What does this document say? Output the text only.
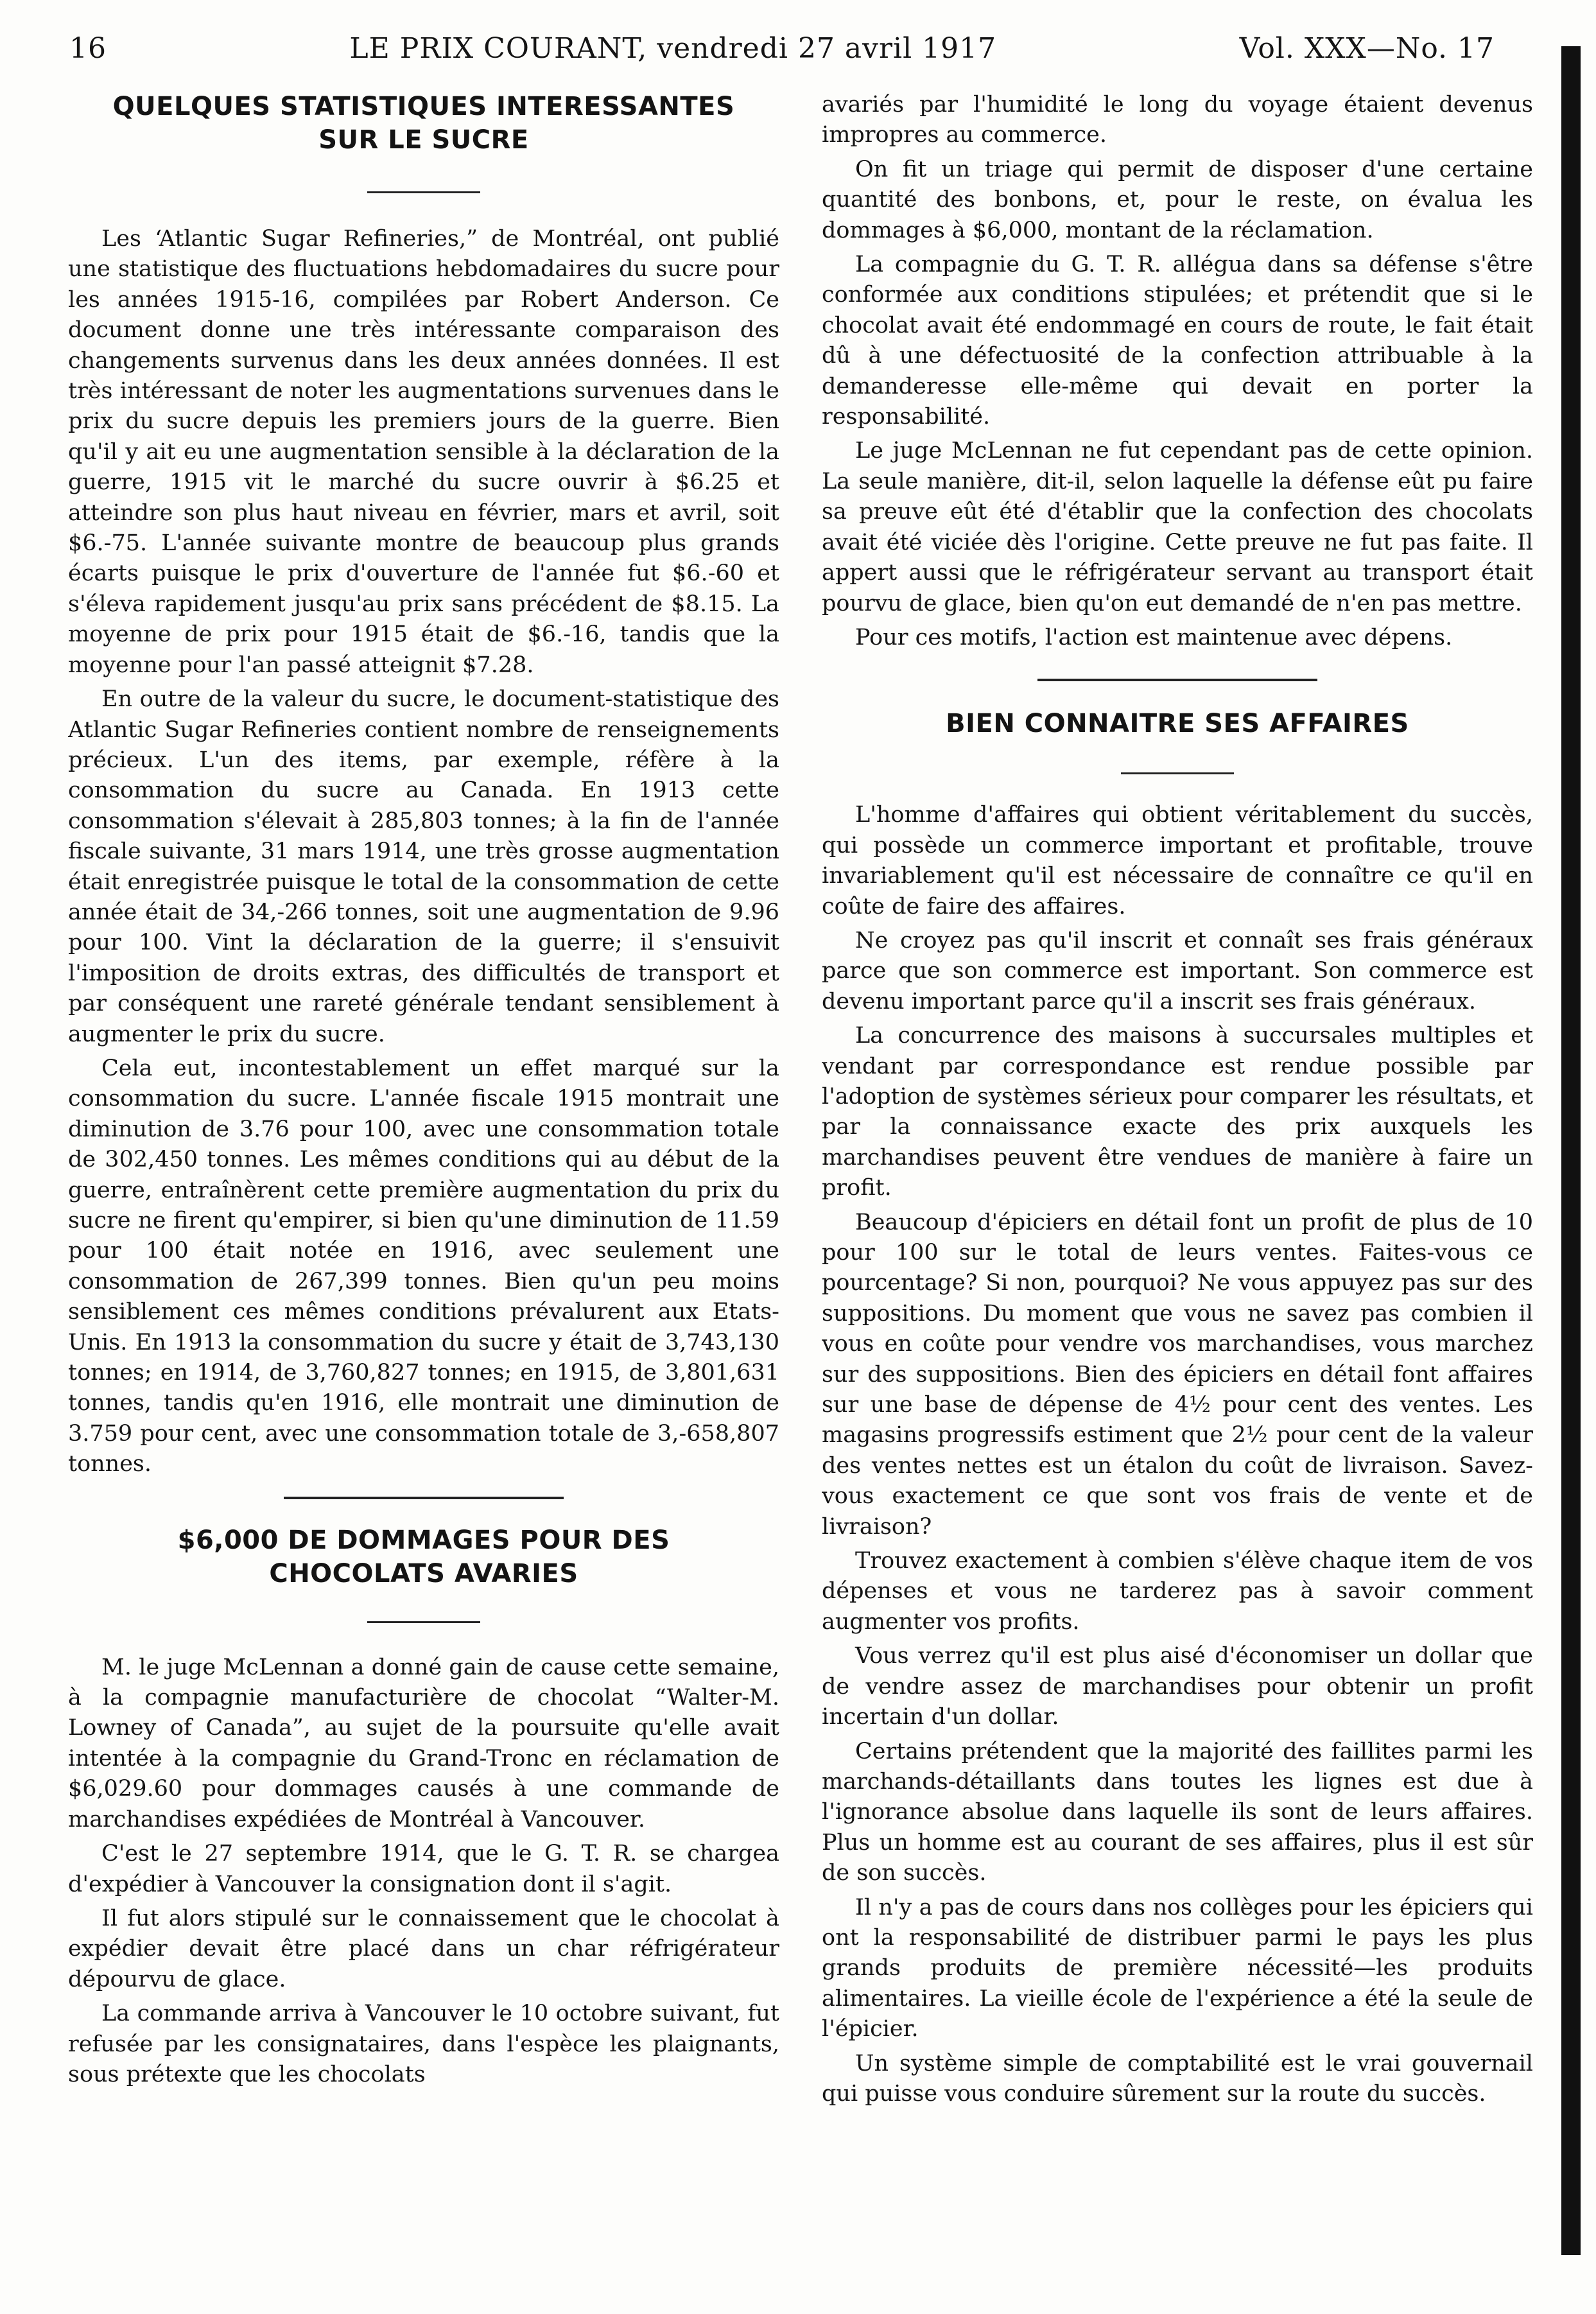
16	LE PRIX COURANT, vendredi 27 avril 1917	Vol. XXX—No. 17
QUELQUES STATISTIQUES INTERESSANTES SUR LE SUCRE

Les ‘Atlantic Sugar Refineries,” de Montréal, ont publié une statistique des fluctuations hebdomadaires du sucre pour les années 1915-16, compilées par Robert Anderson. Ce document donne une très intéressante comparaison des changements survenus dans les deux années données. Il est très intéressant de noter les augmentations survenues dans le prix du sucre depuis les premiers jours de la guerre. Bien qu'il y ait eu une augmentation sensible à la déclaration de la guerre, 1915 vit le marché du sucre ouvrir à $6.25 et atteindre son plus haut niveau en février, mars et avril, soit $6.-75. L'année suivante montre de beaucoup plus grands écarts puisque le prix d'ouverture de l'année fut $6.-60 et s'éleva rapidement jusqu'au prix sans précédent de $8.15. La moyenne de prix pour 1915 était de $6.-16, tandis que la moyenne pour l'an passé atteignit $7.28.

En outre de la valeur du sucre, le document-statistique des Atlantic Sugar Refineries contient nombre de renseignements précieux. L'un des items, par exemple, réfère à la consommation du sucre au Canada. En 1913 cette consommation s'élevait à 285,803 tonnes; à la fin de l'année fiscale suivante, 31 mars 1914, une très grosse augmentation était enregistrée puisque le total de la consommation de cette année était de 34,-266 tonnes, soit une augmentation de 9.96 pour 100. Vint la déclaration de la guerre; il s'ensuivit l'imposition de droits extras, des difficultés de transport et par conséquent une rareté générale tendant sensiblement à augmenter le prix du sucre.

Cela eut, incontestablement un effet marqué sur la consommation du sucre. L'année fiscale 1915 montrait une diminution de 3.76 pour 100, avec une consommation totale de 302,450 tonnes. Les mêmes conditions qui au début de la guerre, entraînèrent cette première augmentation du prix du sucre ne firent qu'empirer, si bien qu'une diminution de 11.59 pour 100 était notée en 1916, avec seulement une consommation de 267,399 tonnes. Bien qu'un peu moins sensiblement ces mêmes conditions prévalurent aux Etats-Unis. En 1913 la consommation du sucre y était de 3,743,130 tonnes; en 1914, de 3,760,827 tonnes; en 1915, de 3,801,631 tonnes, tandis qu'en 1916, elle montrait une diminution de 3.759 pour cent, avec une consommation totale de 3,-658,807 tonnes.

$6,000 DE DOMMAGES POUR DES CHOCOLATS AVARIES

M. le juge McLennan a donné gain de cause cette semaine, à la compagnie manufacturière de chocolat “Walter-M. Lowney of Canada”, au sujet de la poursuite qu'elle avait intentée à la compagnie du Grand-Tronc en réclamation de $6,029.60 pour dommages causés à une commande de marchandises expédiées de Montréal à Vancouver.

C'est le 27 septembre 1914, que le G. T. R. se chargea d'expédier à Vancouver la consignation dont il s'agit.

Il fut alors stipulé sur le connaissement que le chocolat à expédier devait être placé dans un char réfrigérateur dépourvu de glace.

La commande arriva à Vancouver le 10 octobre suivant, fut refusée par les consignataires, dans l'espèce les plaignants, sous prétexte que les chocolats

avariés par l'humidité le long du voyage étaient devenus impropres au commerce.

On fit un triage qui permit de disposer d'une certaine quantité des bonbons, et, pour le reste, on évalua les dommages à $6,000, montant de la réclamation.

La compagnie du G. T. R. allégua dans sa défense s'être conformée aux conditions stipulées; et prétendit que si le chocolat avait été endommagé en cours de route, le fait était dû à une défectuosité de la confection attribuable à la demanderesse elle-même qui devait en porter la responsabilité.

Le juge McLennan ne fut cependant pas de cette opinion. La seule manière, dit-il, selon laquelle la défense eût pu faire sa preuve eût été d'établir que la confection des chocolats avait été viciée dès l'origine. Cette preuve ne fut pas faite. Il appert aussi que le réfrigérateur servant au transport était pourvu de glace, bien qu'on eut demandé de n'en pas mettre.

Pour ces motifs, l'action est maintenue avec dépens.

BIEN CONNAITRE SES AFFAIRES

L'homme d'affaires qui obtient véritablement du succès, qui possède un commerce important et profitable, trouve invariablement qu'il est nécessaire de connaître ce qu'il en coûte de faire des affaires.

Ne croyez pas qu'il inscrit et connaît ses frais généraux parce que son commerce est important. Son commerce est devenu important parce qu'il a inscrit ses frais généraux.

La concurrence des maisons à succursales multiples et vendant par correspondance est rendue possible par l'adoption de systèmes sérieux pour comparer les résultats, et par la connaissance exacte des prix auxquels les marchandises peuvent être vendues de manière à faire un profit.

Beaucoup d'épiciers en détail font un profit de plus de 10 pour 100 sur le total de leurs ventes. Faites-vous ce pourcentage? Si non, pourquoi? Ne vous appuyez pas sur des suppositions. Du moment que vous ne savez pas combien il vous en coûte pour vendre vos marchandises, vous marchez sur des suppositions. Bien des épiciers en détail font affaires sur une base de dépense de 4½ pour cent des ventes. Les magasins progressifs estiment que 2½ pour cent de la valeur des ventes nettes est un étalon du coût de livraison. Savez-vous exactement ce que sont vos frais de vente et de livraison?

Trouvez exactement à combien s'élève chaque item de vos dépenses et vous ne tarderez pas à savoir comment augmenter vos profits.

Vous verrez qu'il est plus aisé d'économiser un dollar que de vendre assez de marchandises pour obtenir un profit incertain d'un dollar.

Certains prétendent que la majorité des faillites parmi les marchands-détaillants dans toutes les lignes est due à l'ignorance absolue dans laquelle ils sont de leurs affaires. Plus un homme est au courant de ses affaires, plus il est sûr de son succès.

Il n'y a pas de cours dans nos collèges pour les épiciers qui ont la responsabilité de distribuer parmi le pays les plus grands produits de première nécessité—les produits alimentaires. La vieille école de l'expérience a été la seule de l'épicier.

Un système simple de comptabilité est le vrai gouvernail qui puisse vous conduire sûrement sur la route du succès.
